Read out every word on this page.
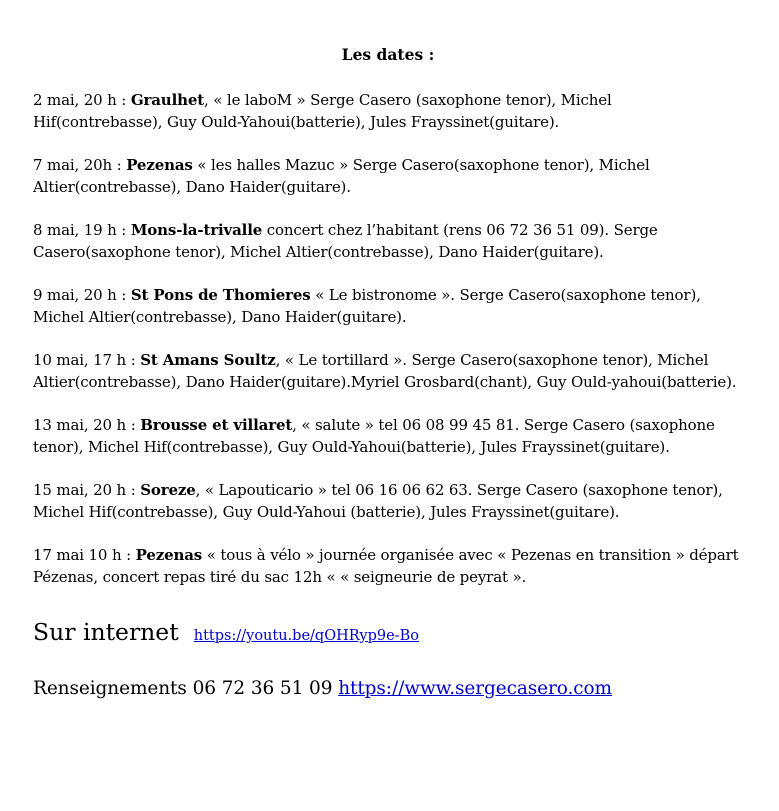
Les dates :
2 mai, 20 h : Graulhet, « le laboM » Serge Casero (saxophone tenor), Michel Hif(contrebasse), Guy Ould-Yahoui(batterie), Jules Frayssinet(guitare).
7 mai, 20h : Pezenas « les halles Mazuc » Serge Casero(saxophone tenor), Michel Altier(contrebasse), Dano Haider(guitare).
8 mai, 19 h : Mons-la-trivalle concert chez l’habitant (rens 06 72 36 51 09). Serge Casero(saxophone tenor), Michel Altier(contrebasse), Dano Haider(guitare).
9 mai, 20 h : St Pons de Thomieres « Le bistronome ». Serge Casero(saxophone tenor), Michel Altier(contrebasse), Dano Haider(guitare).
10 mai, 17 h : St Amans Soultz, « Le tortillard ». Serge Casero(saxophone tenor), Michel Altier(contrebasse), Dano Haider(guitare).Myriel Grosbard(chant), Guy Ould-yahoui(batterie).
13 mai, 20 h : Brousse et villaret, « salute » tel 06 08 99 45 81. Serge Casero (saxophone tenor), Michel Hif(contrebasse), Guy Ould-Yahoui(batterie), Jules Frayssinet(guitare).
15 mai, 20 h : Soreze, « Lapouticario » tel 06 16 06 62 63. Serge Casero (saxophone tenor), Michel Hif(contrebasse), Guy Ould-Yahoui (batterie), Jules Frayssinet(guitare).
17 mai 10 h : Pezenas « tous à vélo » journée organisée avec « Pezenas en transition » départ Pézenas, concert repas tiré du sac 12h « « seigneurie de peyrat ».
Sur internet https://youtu.be/qOHRyp9e-Bo
Renseignements 06 72 36 51 09 https://www.sergecasero.com
